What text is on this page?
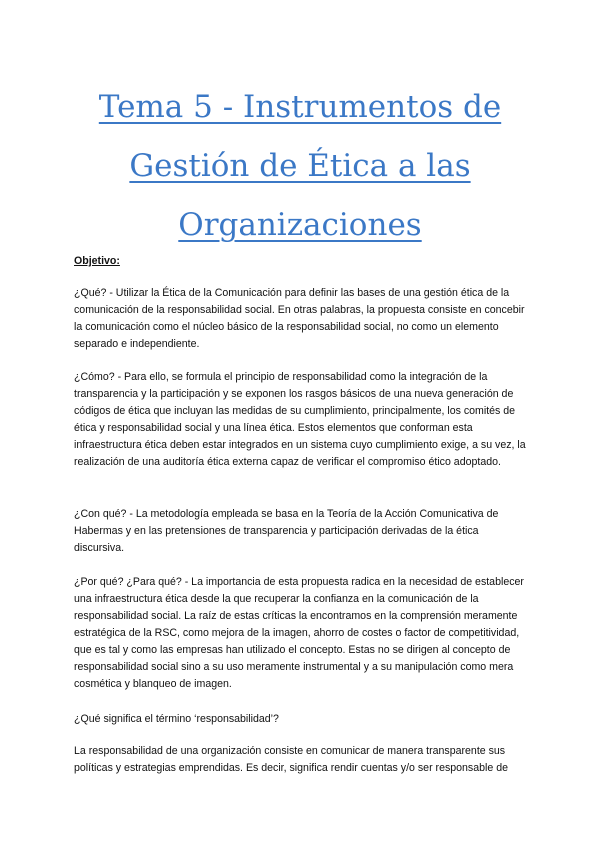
Tema 5 - Instrumentos de Gestión de Ética a las Organizaciones

Objetivo:

¿Qué? - Utilizar la Ética de la Comunicación para definir las bases de una gestión ética de la comunicación de la responsabilidad social. En otras palabras, la propuesta consiste en concebir la comunicación como el núcleo básico de la responsabilidad social, no como un elemento separado e independiente.

¿Cómo? - Para ello, se formula el principio de responsabilidad como la integración de la transparencia y la participación y se exponen los rasgos básicos de una nueva generación de códigos de ética que incluyan las medidas de su cumplimiento, principalmente, los comités de ética y responsabilidad social y una línea ética. Estos elementos que conforman esta infraestructura ética deben estar integrados en un sistema cuyo cumplimiento exige, a su vez, la realización de una auditoría ética externa capaz de verificar el compromiso ético adoptado.

¿Con qué? - La metodología empleada se basa en la Teoría de la Acción Comunicativa de Habermas y en las pretensiones de transparencia y participación derivadas de la ética discursiva.

¿Por qué? ¿Para qué? - La importancia de esta propuesta radica en la necesidad de establecer una infraestructura ética desde la que recuperar la confianza en la comunicación de la responsabilidad social. La raíz de estas críticas la encontramos en la comprensión meramente estratégica de la RSC, como mejora de la imagen, ahorro de costes o factor de competitividad, que es tal y como las empresas han utilizado el concepto. Estas no se dirigen al concepto de responsabilidad social sino a su uso meramente instrumental y a su manipulación como mera cosmética y blanqueo de imagen.

¿Qué significa el término ‘responsabilidad’?

La responsabilidad de una organización consiste en comunicar de manera transparente sus políticas y estrategias emprendidas. Es decir, significa rendir cuentas y/o ser responsable de
